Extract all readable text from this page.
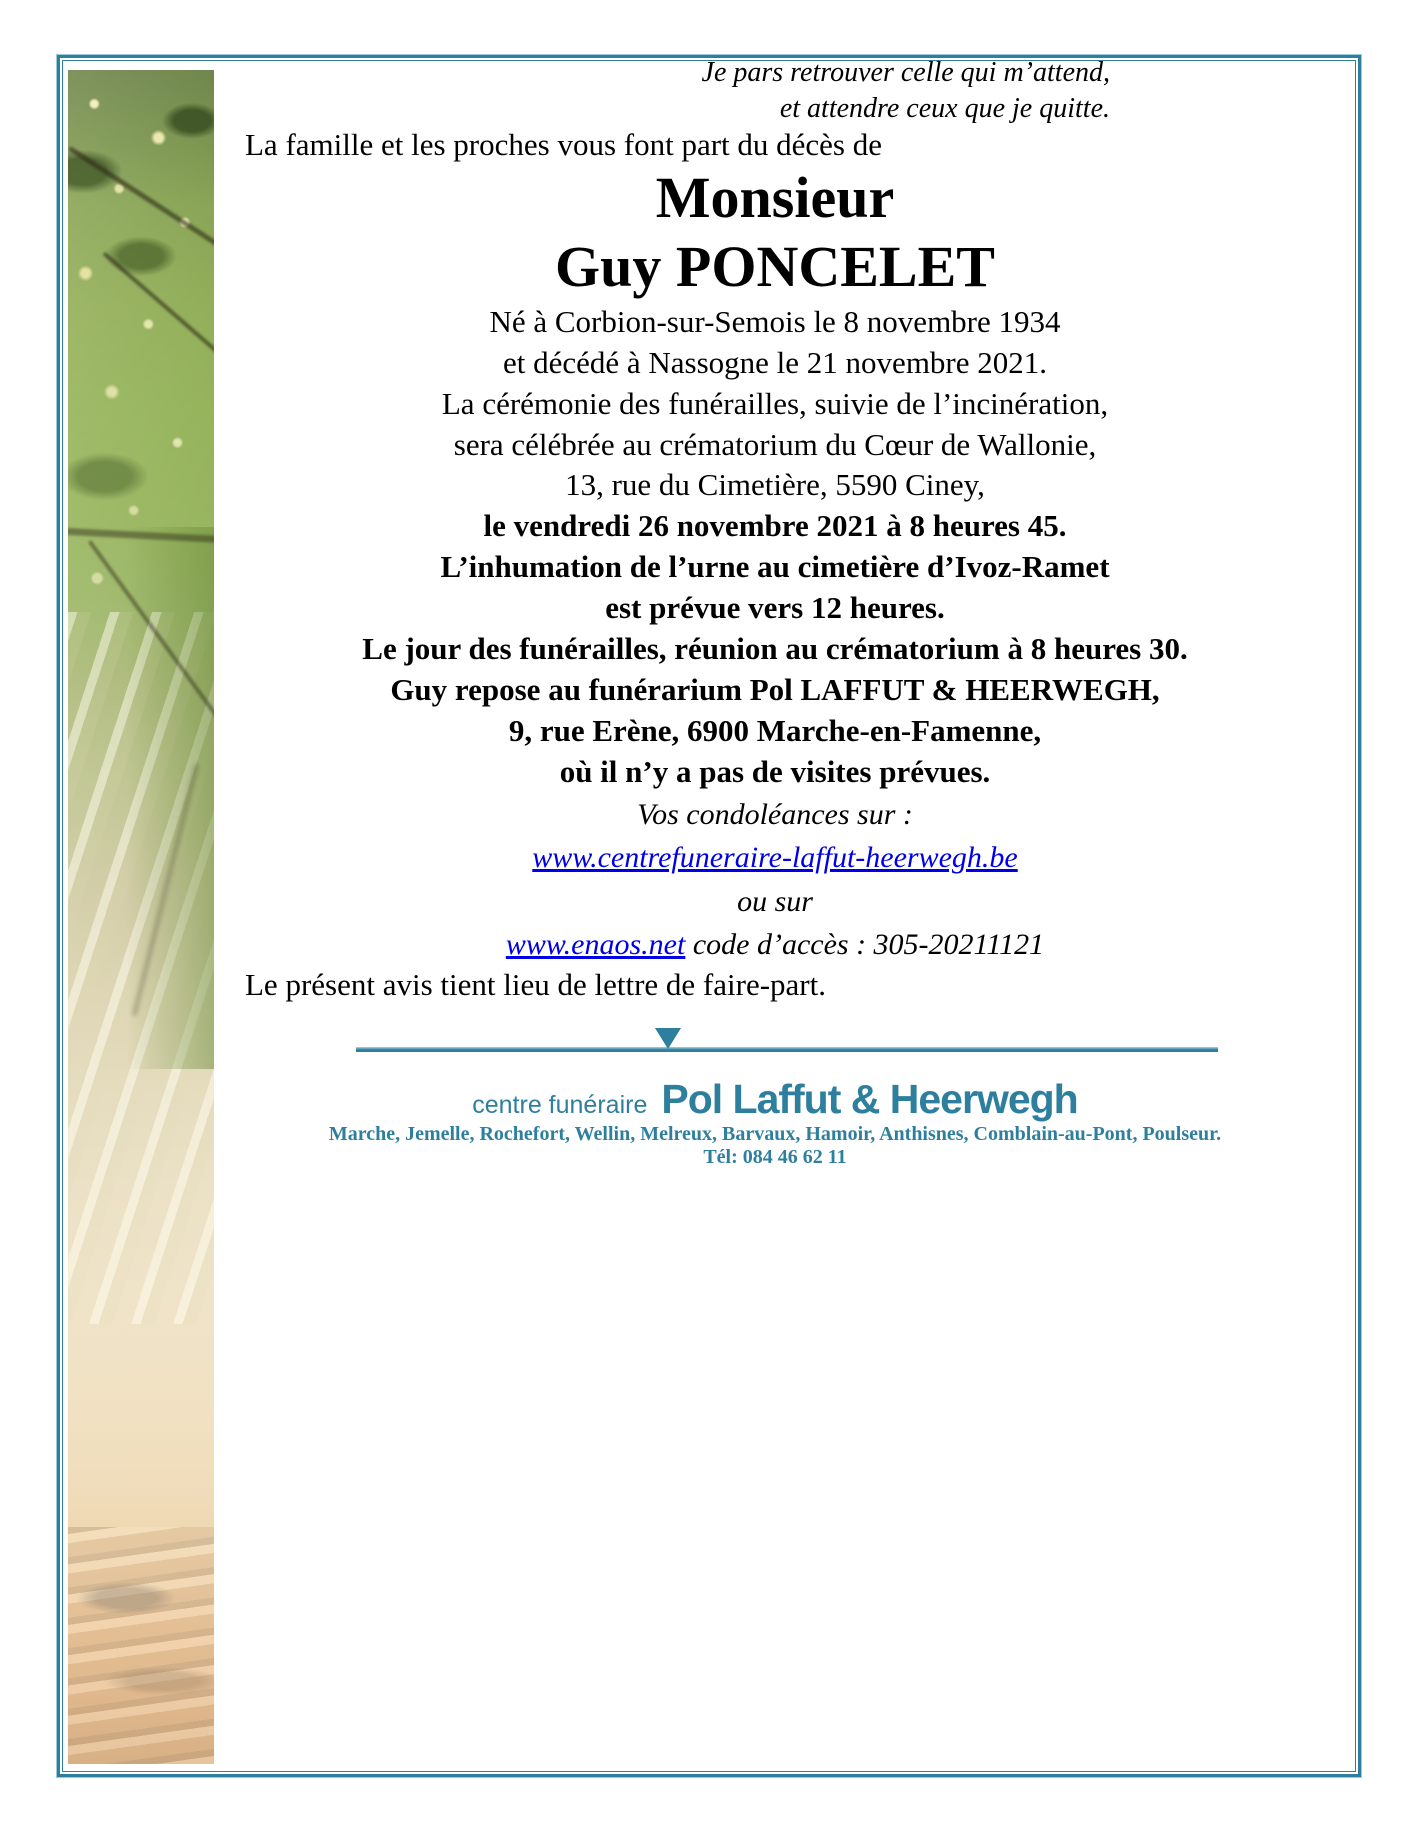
Je pars retrouver celle qui m’attend,
et attendre ceux que je quitte.

La famille et les proches vous font part du décès de

Monsieur
Guy PONCELET

Né à Corbion-sur-Semois le 8 novembre 1934
et décédé à Nassogne le 21 novembre 2021.

La cérémonie des funérailles, suivie de l’incinération,
sera célébrée au crématorium du Cœur de Wallonie,
13, rue du Cimetière, 5590 Ciney,
le vendredi 26 novembre 2021 à 8 heures 45.

L’inhumation de l’urne au cimetière d’Ivoz-Ramet
est prévue vers 12 heures.

Le jour des funérailles, réunion au crématorium à 8 heures 30.

Guy repose au funérarium Pol LAFFUT & HEERWEGH,
9, rue Erène, 6900 Marche-en-Famenne,
où il n’y a pas de visites prévues.

Vos condoléances sur :
www.centrefuneraire-laffut-heerwegh.be
ou sur
www.enaos.net code d’accès : 305-20211121

Le présent avis tient lieu de lettre de faire-part.

centre funéraire Pol Laffut & Heerwegh

Marche, Jemelle, Rochefort, Wellin, Melreux, Barvaux, Hamoir, Anthisnes, Comblain-au-Pont, Poulseur.

Tél: 084 46 62 11
